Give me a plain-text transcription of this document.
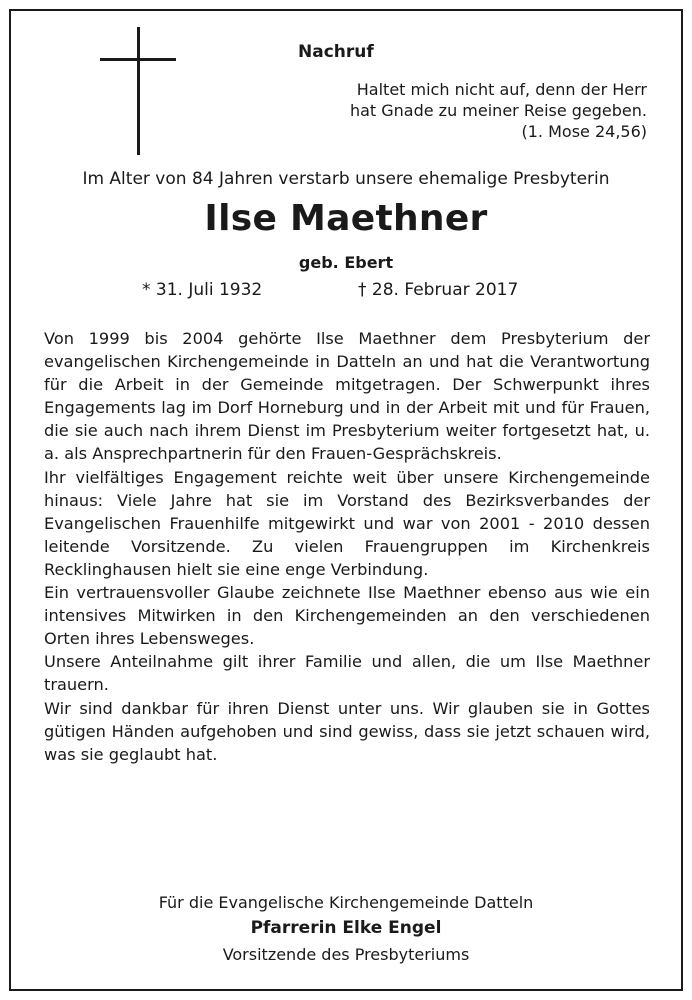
Nachruf
Haltet mich nicht auf, denn der Herr
hat Gnade zu meiner Reise gegeben.
(1. Mose 24,56)
Im Alter von 84 Jahren verstarb unsere ehemalige Presbyterin
Ilse Maethner
geb. Ebert
* 31. Juli 1932	† 28. Februar 2017

Von 1999 bis 2004 gehörte Ilse Maethner dem Presbyterium der evangelischen Kirchengemeinde in Datteln an und hat die Verantwortung für die Arbeit in der Gemeinde mitgetragen. Der Schwerpunkt ihres Engagements lag im Dorf Horneburg und in der Arbeit mit und für Frauen, die sie auch nach ihrem Dienst im Presbyterium weiter fortgesetzt hat, u. a. als Ansprechpartnerin für den Frauen-Gesprächskreis.

Ihr vielfältiges Engagement reichte weit über unsere Kirchengemeinde hinaus: Viele Jahre hat sie im Vorstand des Bezirksverbandes der Evangelischen Frauenhilfe mitgewirkt und war von 2001 - 2010 dessen leitende Vorsitzende. Zu vielen Frauengruppen im Kirchenkreis Recklinghausen hielt sie eine enge Verbindung.

Ein vertrauensvoller Glaube zeichnete Ilse Maethner ebenso aus wie ein intensives Mitwirken in den Kirchengemeinden an den verschiedenen Orten ihres Lebensweges.

Unsere Anteilnahme gilt ihrer Familie und allen, die um Ilse Maethner trauern.

Wir sind dankbar für ihren Dienst unter uns. Wir glauben sie in Gottes gütigen Händen aufgehoben und sind gewiss, dass sie jetzt schauen wird, was sie geglaubt hat.

Für die Evangelische Kirchengemeinde Datteln
Pfarrerin Elke Engel
Vorsitzende des Presbyteriums
